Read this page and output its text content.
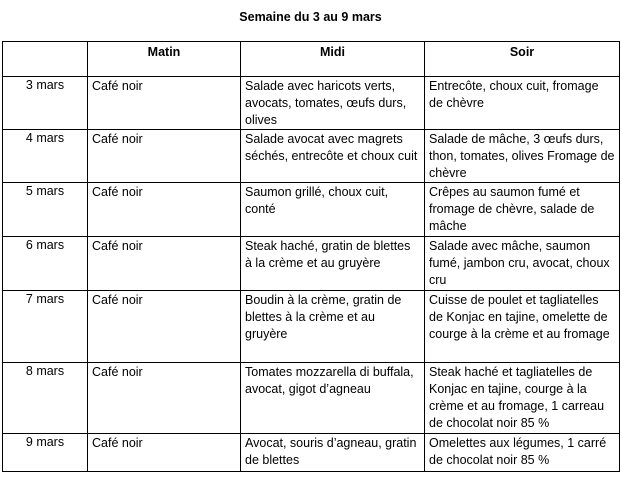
Semaine du 3 au 9 mars
	Matin	Midi	Soir
3 mars	Café noir	Salade avec haricots verts, avocats, tomates, œufs durs, olives	Entrecôte, choux cuit, fromage de chèvre
4 mars	Café noir	Salade avocat avec magrets séchés, entrecôte et choux cuit	Salade de mâche, 3 œufs durs, thon, tomates, olives Fromage de chèvre
5 mars	Café noir	Saumon grillé, choux cuit, conté	Crêpes au saumon fumé et fromage de chèvre, salade de mâche
6 mars	Café noir	Steak haché, gratin de blettes à la crème et au gruyère	Salade avec mâche, saumon fumé, jambon cru, avocat, choux cru
7 mars	Café noir	Boudin à la crème, gratin de blettes à la crème et au gruyère	Cuisse de poulet et tagliatelles de Konjac en tajine, omelette de courge à la crème et au fromage
8 mars	Café noir	Tomates mozzarella di buffala, avocat, gigot d’agneau	Steak haché et tagliatelles de Konjac en tajine, courge à la crème et au fromage, 1 carreau de chocolat noir 85 %
9 mars	Café noir	Avocat, souris d’agneau, gratin de blettes	Omelettes aux légumes, 1 carré de chocolat noir 85 %
